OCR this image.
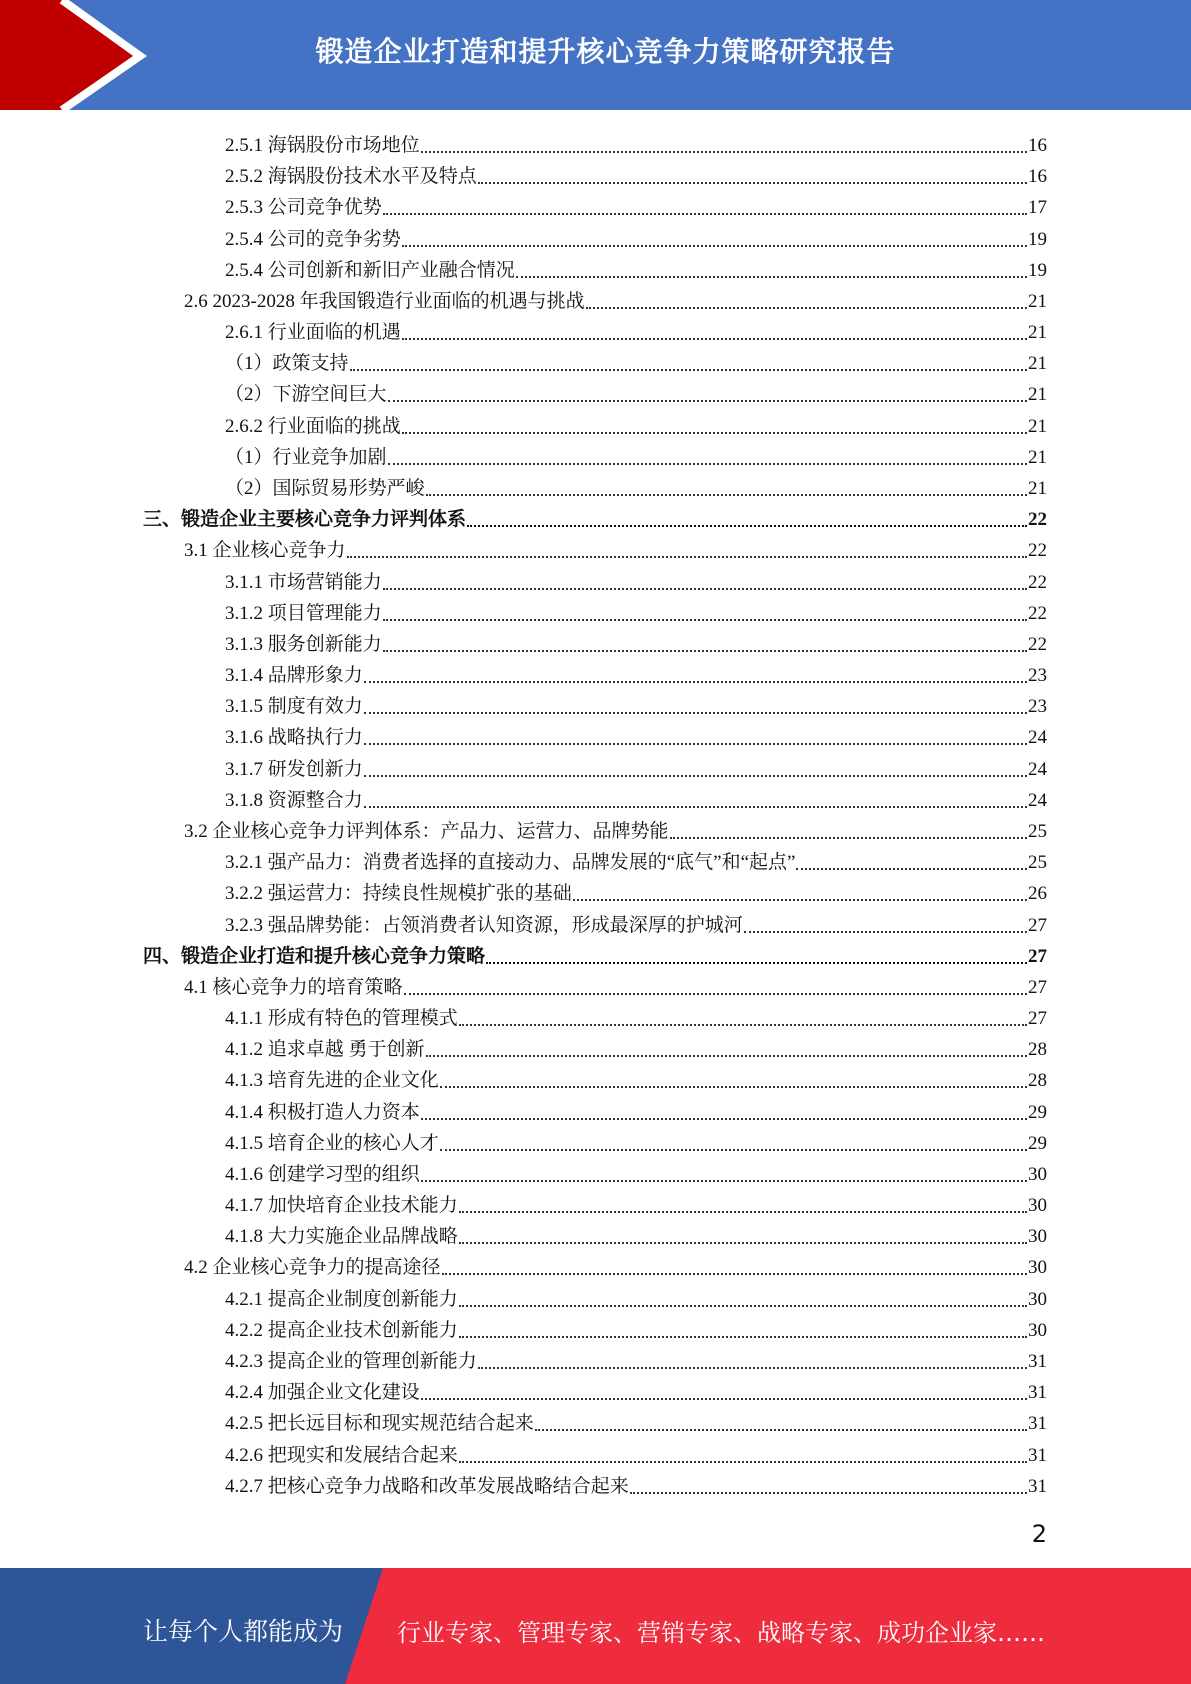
锻造企业打造和提升核心竞争力策略研究报告
2.5.1 海锅股份市场地位	16
2.5.2 海锅股份技术水平及特点	16
2.5.3 公司竞争优势	17
2.5.4 公司的竞争劣势	19
2.5.4 公司创新和新旧产业融合情况	19
2.6 2023-2028 年我国锻造行业面临的机遇与挑战	21
2.6.1 行业面临的机遇	21
（1）政策支持	21
（2）下游空间巨大	21
2.6.2 行业面临的挑战	21
（1）行业竞争加剧	21
（2）国际贸易形势严峻	21
三、锻造企业主要核心竞争力评判体系	22
3.1 企业核心竞争力	22
3.1.1 市场营销能力	22
3.1.2 项目管理能力	22
3.1.3 服务创新能力	22
3.1.4 品牌形象力	23
3.1.5 制度有效力	23
3.1.6 战略执行力	24
3.1.7 研发创新力	24
3.1.8 资源整合力	24
3.2 企业核心竞争力评判体系：产品力、运营力、品牌势能	25
3.2.1 强产品力：消费者选择的直接动力、品牌发展的“底气”和“起点”	25
3.2.2 强运营力：持续良性规模扩张的基础	26
3.2.3 强品牌势能：占领消费者认知资源，形成最深厚的护城河	27
四、锻造企业打造和提升核心竞争力策略	27
4.1 核心竞争力的培育策略	27
4.1.1 形成有特色的管理模式	27
4.1.2 追求卓越 勇于创新	28
4.1.3 培育先进的企业文化	28
4.1.4 积极打造人力资本	29
4.1.5 培育企业的核心人才	29
4.1.6 创建学习型的组织	30
4.1.7 加快培育企业技术能力	30
4.1.8 大力实施企业品牌战略	30
4.2 企业核心竞争力的提高途径	30
4.2.1 提高企业制度创新能力	30
4.2.2 提高企业技术创新能力	30
4.2.3 提高企业的管理创新能力	31
4.2.4 加强企业文化建设	31
4.2.5 把长远目标和现实规范结合起来	31
4.2.6 把现实和发展结合起来	31
4.2.7 把核心竞争力战略和改革发展战略结合起来	31
2
让每个人都能成为 行业专家、管理专家、营销专家、战略专家、成功企业家……
